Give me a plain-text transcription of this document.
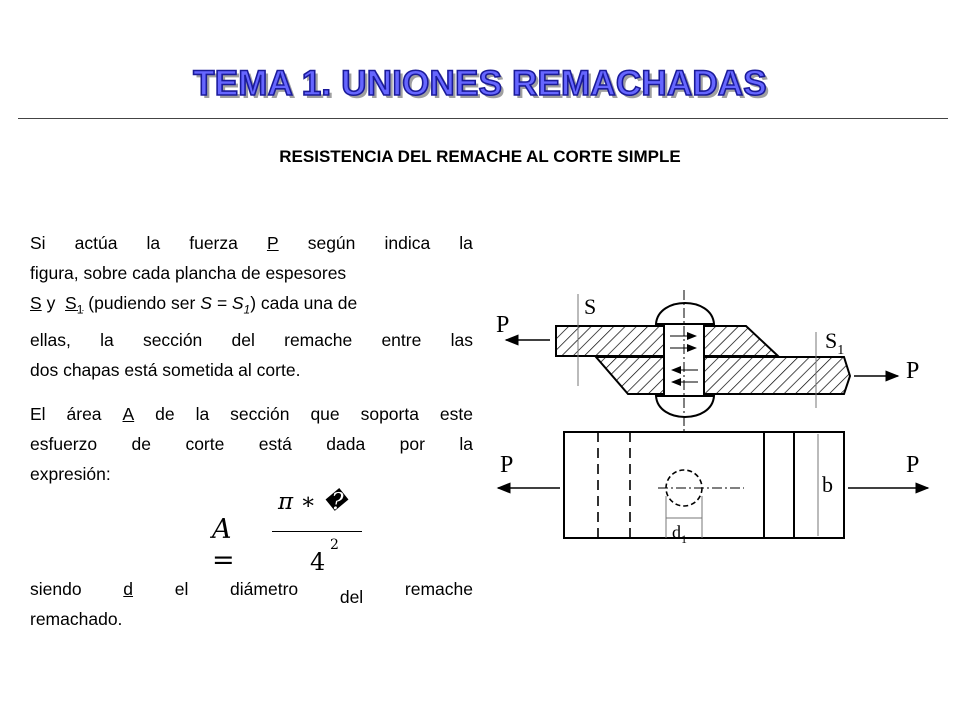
TEMA 1. UNIONES REMACHADAS
RESISTENCIA DEL REMACHE AL CORTE SIMPLE
Si actúa la fuerza P según indica la
figura, sobre cada plancha de espesores
S
y
$S_1$
(pudiendo ser
$S = S_1$ ) cada una de
ellas, la sección del remache entre las
dos chapas está sometida al corte.
El área A de la sección que soporta este
esfuerzo de corte está dada por la
expresión:
A =
π ∗ �
4
2
siendo d el diámetro del remache
remachado.
S
$S_1$
P
P
$d_1$
b
P	P
